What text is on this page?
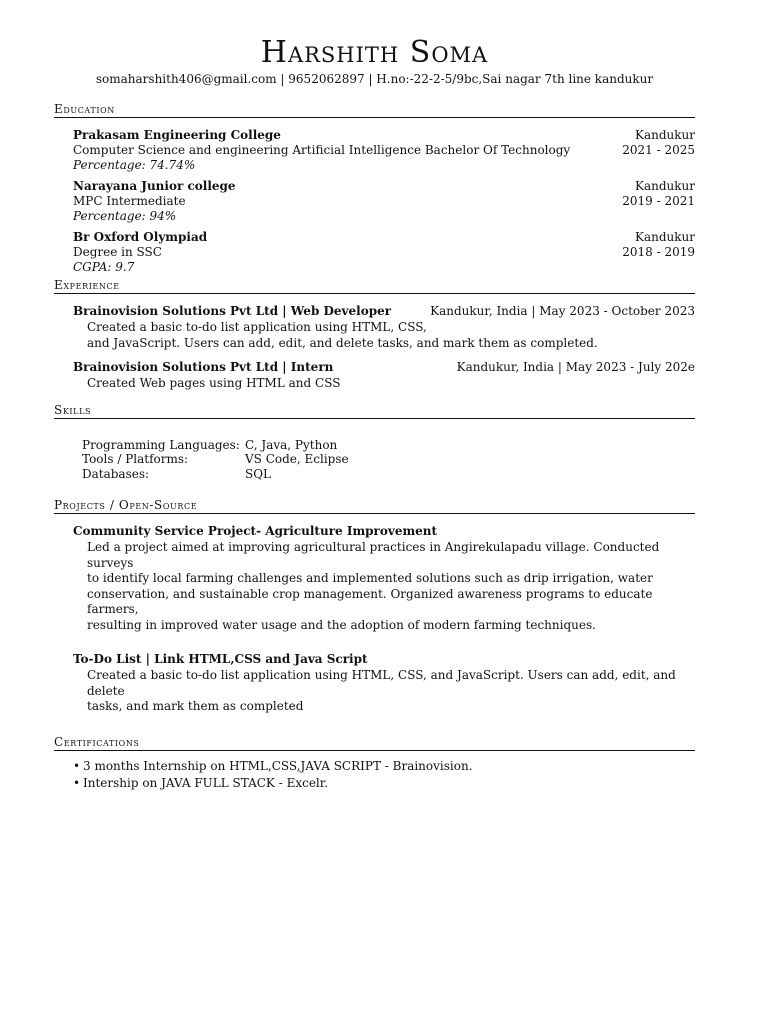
Harshith Soma
somaharshith406@gmail.com | 9652062897 | H.no:-22-2-5/9bc,Sai nagar 7th line kandukur
Education
Prakasam Engineering College	Kandukur
Computer Science and engineering Artificial Intelligence Bachelor Of Technology	2021 - 2025
Percentage: 74.74%
Narayana Junior college	Kandukur
MPC Intermediate	2019 - 2021
Percentage: 94%
Br Oxford Olympiad	Kandukur
Degree in SSC	2018 - 2019
CGPA: 9.7
Experience
Brainovision Solutions Pvt Ltd | Web Developer	Kandukur, India | May 2023 - October 2023
Created a basic to-do list application using HTML, CSS,
and JavaScript. Users can add, edit, and delete tasks, and mark them as completed.
Brainovision Solutions Pvt Ltd | Intern	Kandukur, India | May 2023 - July 202e
Created Web pages using HTML and CSS
Skills
Programming Languages:	C, Java, Python
Tools / Platforms:	VS Code, Eclipse
Databases:	SQL
Projects / Open-Source
Community Service Project- Agriculture Improvement
Led a project aimed at improving agricultural practices in Angirekulapadu village. Conducted surveys
to identify local farming challenges and implemented solutions such as drip irrigation, water
conservation, and sustainable crop management. Organized awareness programs to educate farmers,
resulting in improved water usage and the adoption of modern farming techniques.
To-Do List | Link HTML,CSS and Java Script
Created a basic to-do list application using HTML, CSS, and JavaScript. Users can add, edit, and delete
tasks, and mark them as completed
Certifications
• 3 months Internship on HTML,CSS,JAVA SCRIPT - Brainovision.
• Intership on JAVA FULL STACK - Excelr.
